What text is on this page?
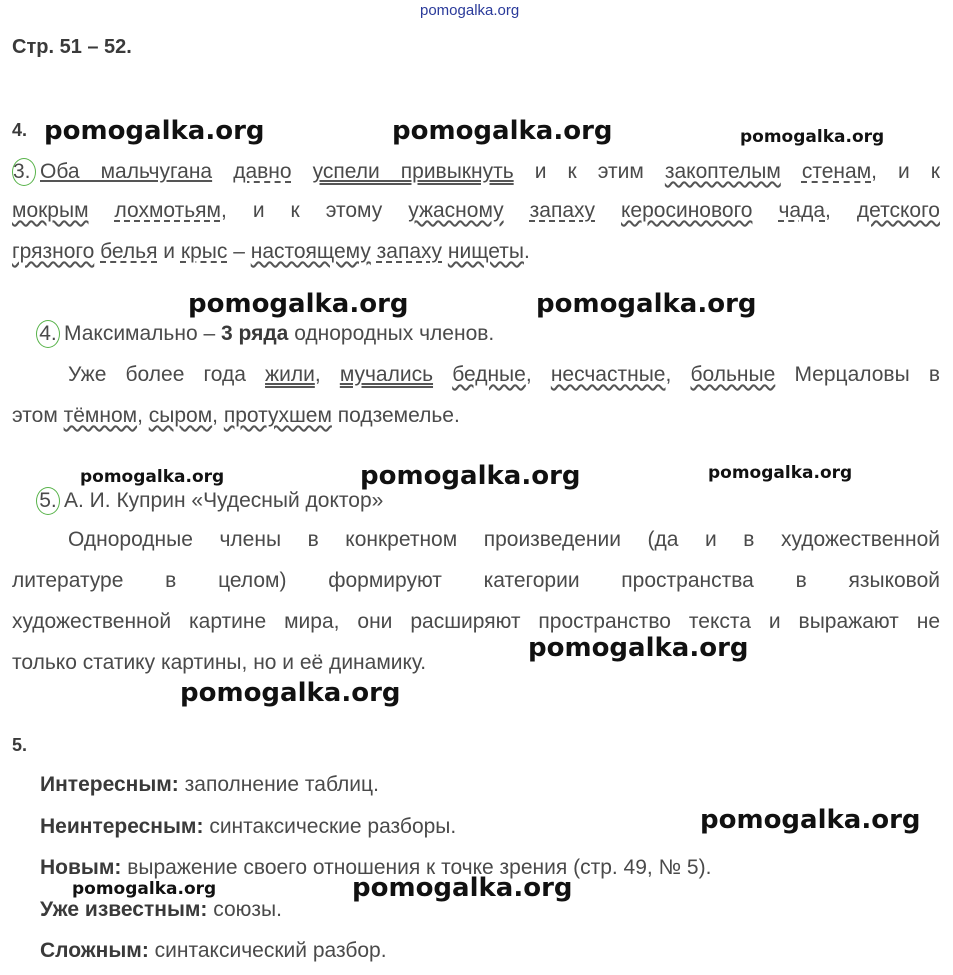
pomogalka.org
Стр. 51 – 52.
4.
3. Оба мальчугана давно успели привыкнуть и к этим закоптелым стенам, и к
мокрым лохмотьям, и к этому ужасному запаху керосинового чада, детского
грязного белья и крыс – настоящему запаху нищеты.
4. Максимально – 3 ряда однородных членов.
Уже более года жили, мучались бедные, несчастные, больные Мерцаловы в
этом тёмном, сыром, протухшем подземелье.
5. А. И. Куприн «Чудесный доктор»
Однородные члены в конкретном произведении (да и в художественной
литературе в целом) формируют категории пространства в языковой
художественной картине мира, они расширяют пространство текста и выражают не
только статику картины, но и её динамику.
5.
Интересным: заполнение таблиц.
Неинтересным: синтаксические разборы.
Новым: выражение своего отношения к точке зрения (стр. 49, № 5).
Уже известным: союзы.
Сложным: синтаксический разбор.
pomogalka.org	pomogalka.org	pomogalka.org
pomogalka.org	pomogalka.org
pomogalka.org	pomogalka.org	pomogalka.org
pomogalka.org
pomogalka.org
pomogalka.org
pomogalka.org	pomogalka.org
